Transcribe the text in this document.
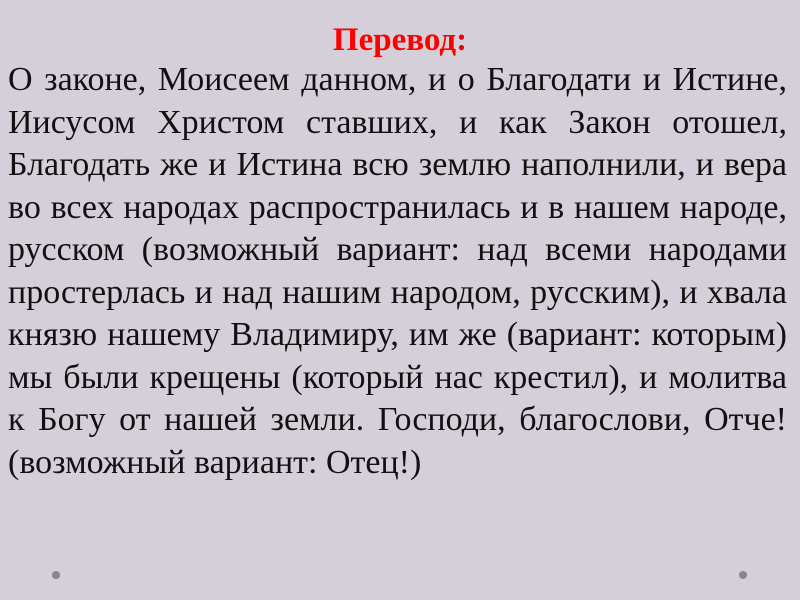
Перевод:
О законе, Моисеем данном, и о Благодати и Истине, Иисусом Христом ставших, и как Закон отошел, Благодать же и Истина всю землю наполнили, и вера во всех народах распространилась и в нашем народе, русском (возможный вариант: над всеми народами простерлась и над нашим народом, русским), и хвала князю нашему Владимиру, им же (вариант: которым) мы были крещены (который нас крестил), и молитва к Богу от нашей земли. Господи, благослови, Отче! (возможный вариант: Отец!)
